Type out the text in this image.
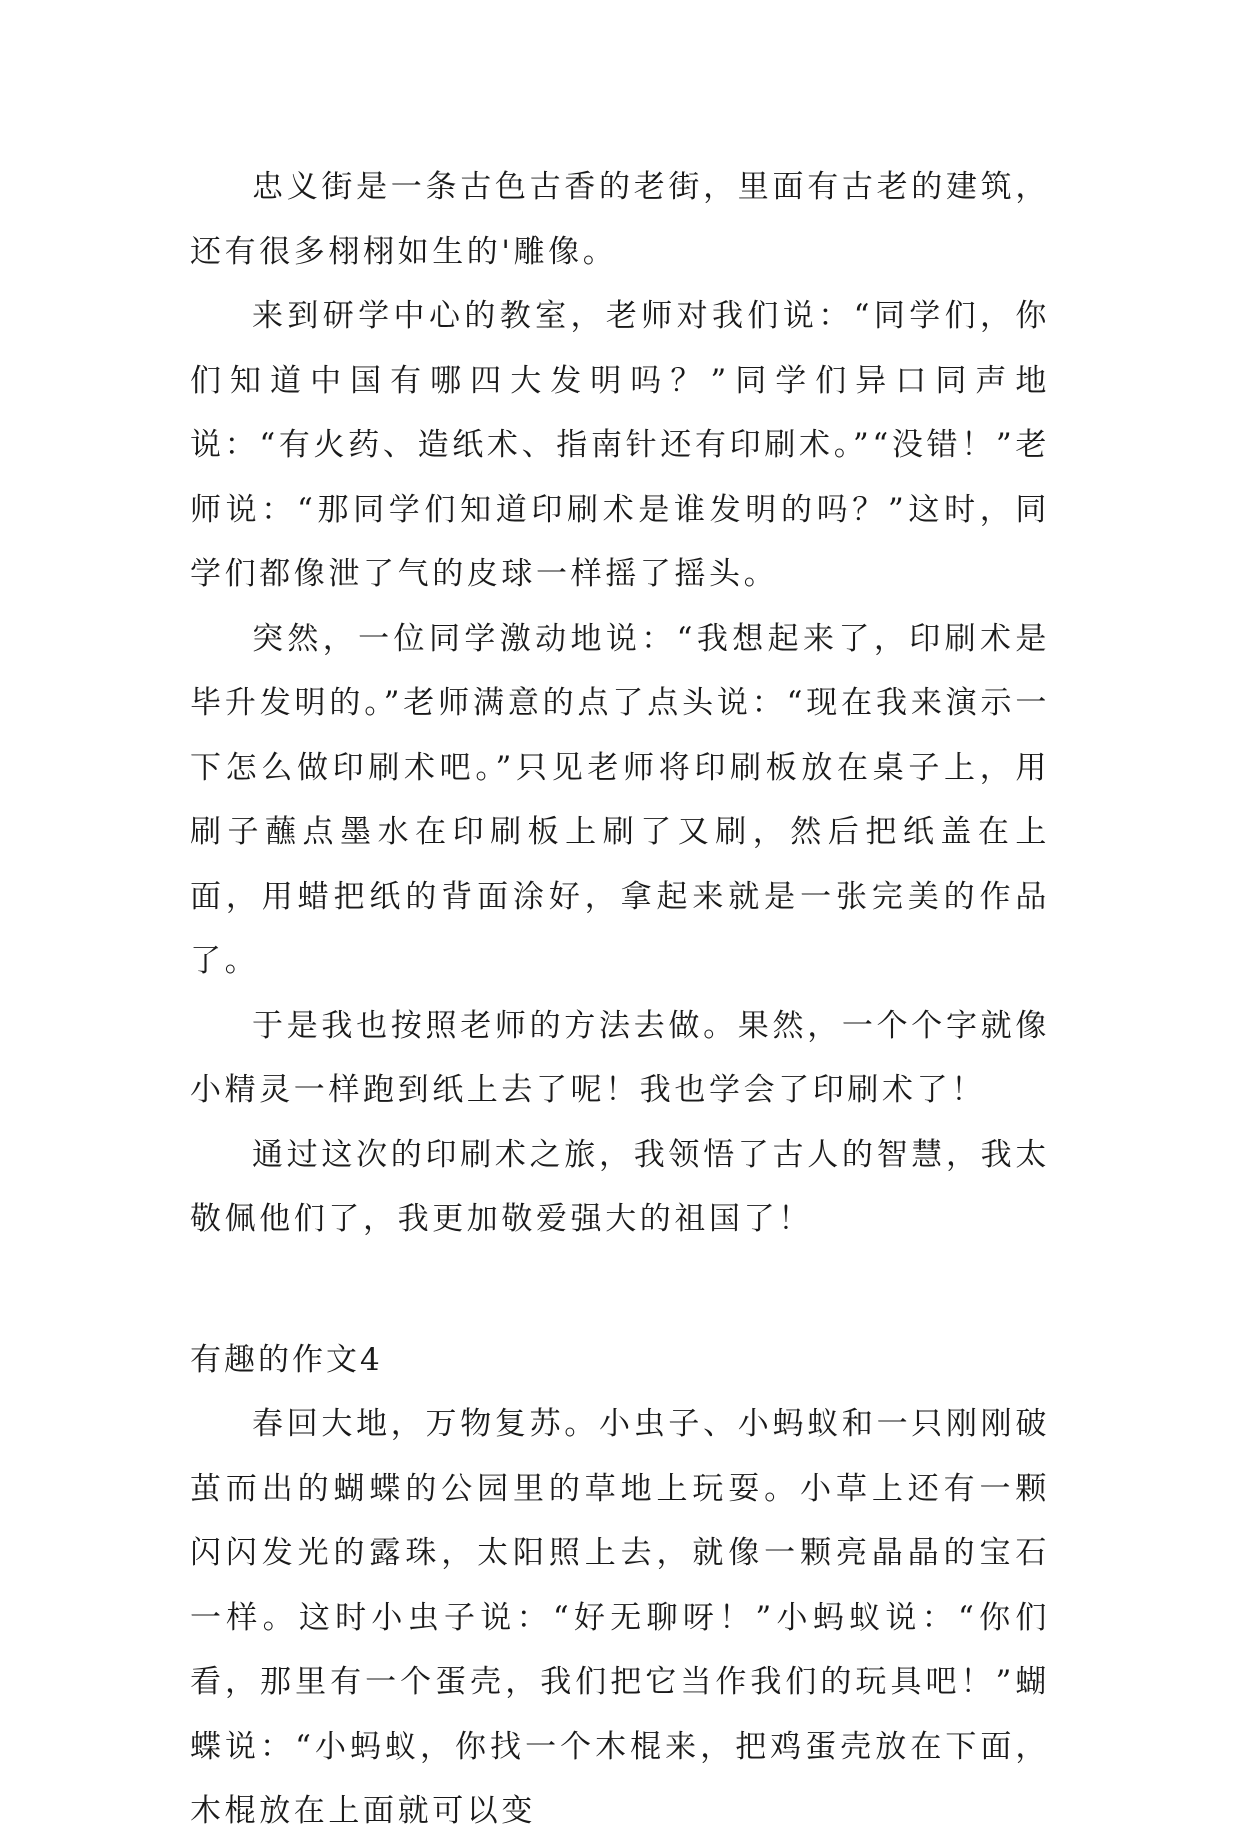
忠义街是一条古色古香的老街，里面有古老的建筑，还有很多栩栩如生的'雕像。

来到研学中心的教室，老师对我们说：“同学们，你们知道中国有哪四大发明吗？”同学们异口同声地说：“有火药、造纸术、指南针还有印刷术。”“没错！”老师说：“那同学们知道印刷术是谁发明的吗？”这时，同学们都像泄了气的皮球一样摇了摇头。

突然，一位同学激动地说：“我想起来了，印刷术是毕升发明的。”老师满意的点了点头说：“现在我来演示一下怎么做印刷术吧。”只见老师将印刷板放在桌子上，用刷子蘸点墨水在印刷板上刷了又刷，然后把纸盖在上面，用蜡把纸的背面涂好，拿起来就是一张完美的作品了。

于是我也按照老师的方法去做。果然，一个个字就像小精灵一样跑到纸上去了呢！我也学会了印刷术了！

通过这次的印刷术之旅，我领悟了古人的智慧，我太敬佩他们了，我更加敬爱强大的祖国了！

有趣的作文4

春回大地，万物复苏。小虫子、小蚂蚁和一只刚刚破茧而出的蝴蝶的公园里的草地上玩耍。小草上还有一颗闪闪发光的露珠，太阳照上去，就像一颗亮晶晶的宝石一样。这时小虫子说：“好无聊呀！”小蚂蚁说：“你们看，那里有一个蛋壳，我们把它当作我们的玩具吧！”蝴蝶说：“小蚂蚁，你找一个木棍来，把鸡蛋壳放在下面，木棍放在上面就可以变
